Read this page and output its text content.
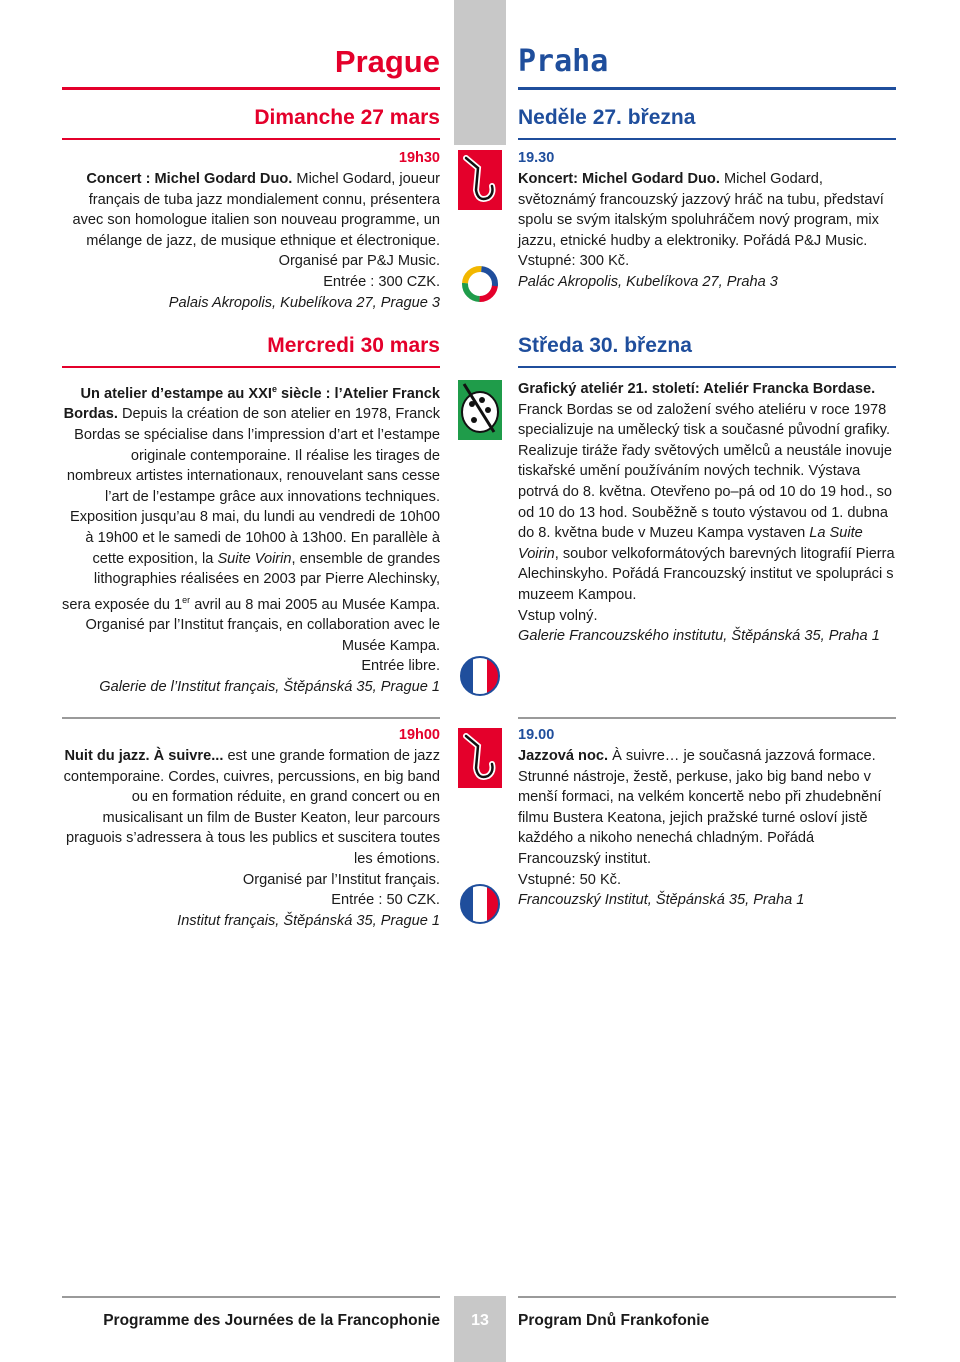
13
Prague	Praha
Dimanche 27 mars	Neděle 27. března
19h30
Concert : Michel Godard Duo. Michel Godard, joueur français de tuba jazz mondialement connu, présentera avec son homologue italien son nouveau programme, un mélange de jazz, de musique ethnique et électronique. Organisé par P&J Music.
Entrée : 300 CZK.
Palais Akropolis, Kubelíkova 27, Prague 3
19.30
Koncert: Michel Godard Duo. Michel Godard, světoznámý francouzský jazzový hráč na tubu, představí spolu se svým italským spoluhráčem nový program, mix jazzu, etnické hudby a elektroniky. Pořádá P&J Music.
Vstupné: 300 Kč.
Palác Akropolis, Kubelíkova 27, Praha 3
Mercredi 30 mars	Středa 30. března
Un atelier d’estampe au XXIe siècle : l’Atelier Franck Bordas. Depuis la création de son atelier en 1978, Franck Bordas se spécialise dans l’impression d’art et l’estampe originale contemporaine. Il réalise les tirages de nombreux artistes internationaux, renouvelant sans cesse l’art de l’estampe grâce aux innovations techniques. Exposition jusqu’au 8 mai, du lundi au vendredi de 10h00 à 19h00 et le samedi de 10h00 à 13h00. En parallèle à cette exposition, la Suite Voirin, ensemble de grandes lithographies réalisées en 2003 par Pierre Alechinsky, sera exposée du 1er avril au 8 mai 2005 au Musée Kampa. Organisé par l’Institut français, en collaboration avec le Musée Kampa.
Entrée libre.
Galerie de l’Institut français, Štěpánská 35, Prague 1
Grafický ateliér 21. století: Ateliér Francka Bordase. Franck Bordas se od založení svého ateliéru v roce 1978 specializuje na umělecký tisk a současné původní grafiky. Realizuje tiráže řady světových umělců a neustále inovuje tiskařské umění používáním nových technik. Výstava potrvá do 8. května. Otevřeno po–pá od 10 do 19 hod., so od 10 do 13 hod. Souběžně s touto výstavou od 1. dubna do 8. května bude v Muzeu Kampa vystaven La Suite Voirin, soubor velkoformátových barevných litografií Pierra Alechinskyho. Pořádá Francouzský institut ve spolupráci s muzeem Kampou.
Vstup volný.
Galerie Francouzského institutu, Štěpánská 35, Praha 1
19h00
Nuit du jazz. À suivre... est une grande formation de jazz contemporaine. Cordes, cuivres, percussions, en big band ou en formation réduite, en grand concert ou en musicalisant un film de Buster Keaton, leur parcours praguois s’adressera à tous les publics et suscitera toutes les émotions.
Organisé par l’Institut français.
Entrée : 50 CZK.
Institut français, Štěpánská 35, Prague 1
19.00
Jazzová noc. À suivre… je současná jazzová formace. Strunné nástroje, žestě, perkuse, jako big band nebo v menší formaci, na velkém koncertě nebo při zhudebnění filmu Bustera Keatona, jejich pražské turné osloví jistě každého a nikoho nenechá chladným. Pořádá Francouzský institut.
Vstupné: 50 Kč.
Francouzský Institut, Štěpánská 35, Praha 1
Programme des Journées de la Francophonie	Program Dnů Frankofonie
